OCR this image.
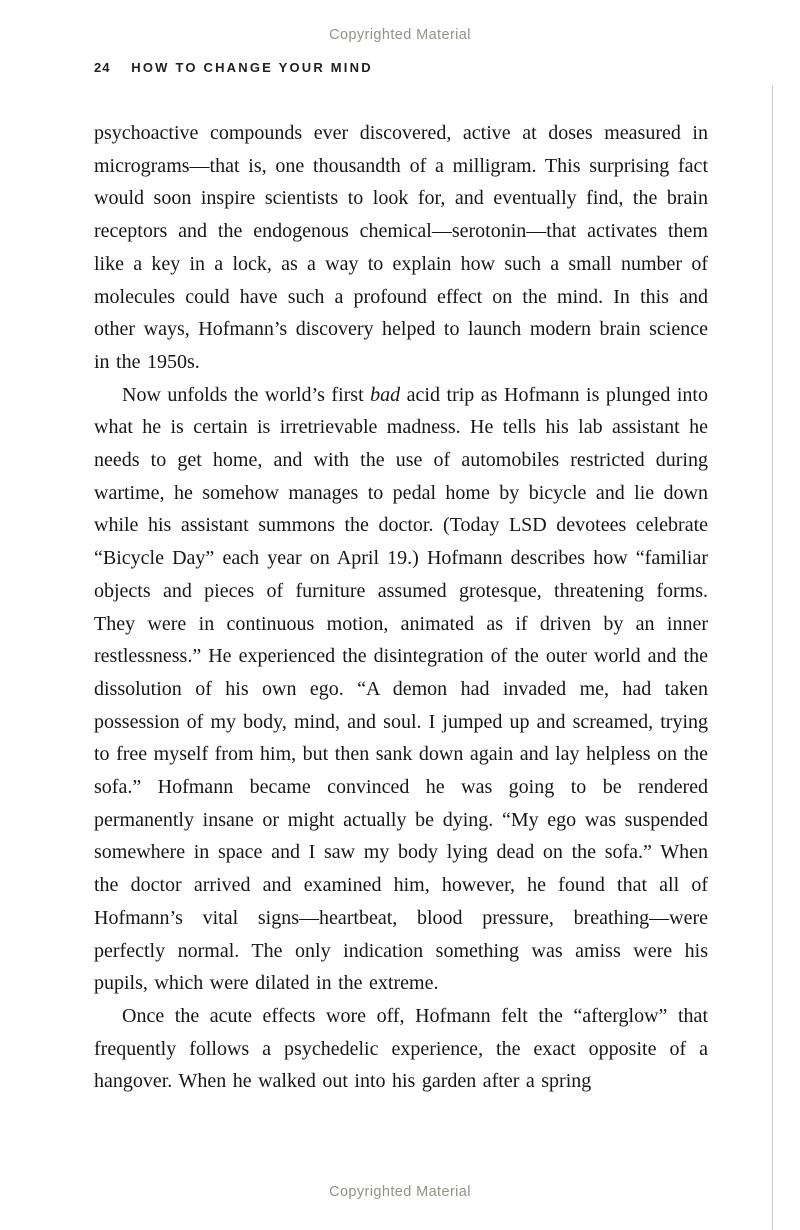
Copyrighted Material
24 HOW TO CHANGE YOUR MIND

psychoactive compounds ever discovered, active at doses measured in micrograms—that is, one thousandth of a milligram. This surprising fact would soon inspire scientists to look for, and eventually find, the brain receptors and the endogenous chemical—serotonin—that activates them like a key in a lock, as a way to explain how such a small number of molecules could have such a profound effect on the mind. In this and other ways, Hofmann’s discovery helped to launch modern brain science in the 1950s.

Now unfolds the world’s first bad acid trip as Hofmann is plunged into what he is certain is irretrievable madness. He tells his lab assistant he needs to get home, and with the use of automobiles restricted during wartime, he somehow manages to pedal home by bicycle and lie down while his assistant summons the doctor. (Today LSD devotees celebrate “Bicycle Day” each year on April 19.) Hofmann describes how “familiar objects and pieces of furniture assumed grotesque, threatening forms. They were in continuous motion, animated as if driven by an inner restlessness.” He experienced the disintegration of the outer world and the dissolution of his own ego. “A demon had invaded me, had taken possession of my body, mind, and soul. I jumped up and screamed, trying to free myself from him, but then sank down again and lay helpless on the sofa.” Hofmann became convinced he was going to be rendered permanently insane or might actually be dying. “My ego was suspended somewhere in space and I saw my body lying dead on the sofa.” When the doctor arrived and examined him, however, he found that all of Hofmann’s vital signs—heartbeat, blood pressure, breathing—were perfectly normal. The only indication something was amiss were his pupils, which were dilated in the extreme.

Once the acute effects wore off, Hofmann felt the “afterglow” that frequently follows a psychedelic experience, the exact opposite of a hangover. When he walked out into his garden after a spring

Copyrighted Material
